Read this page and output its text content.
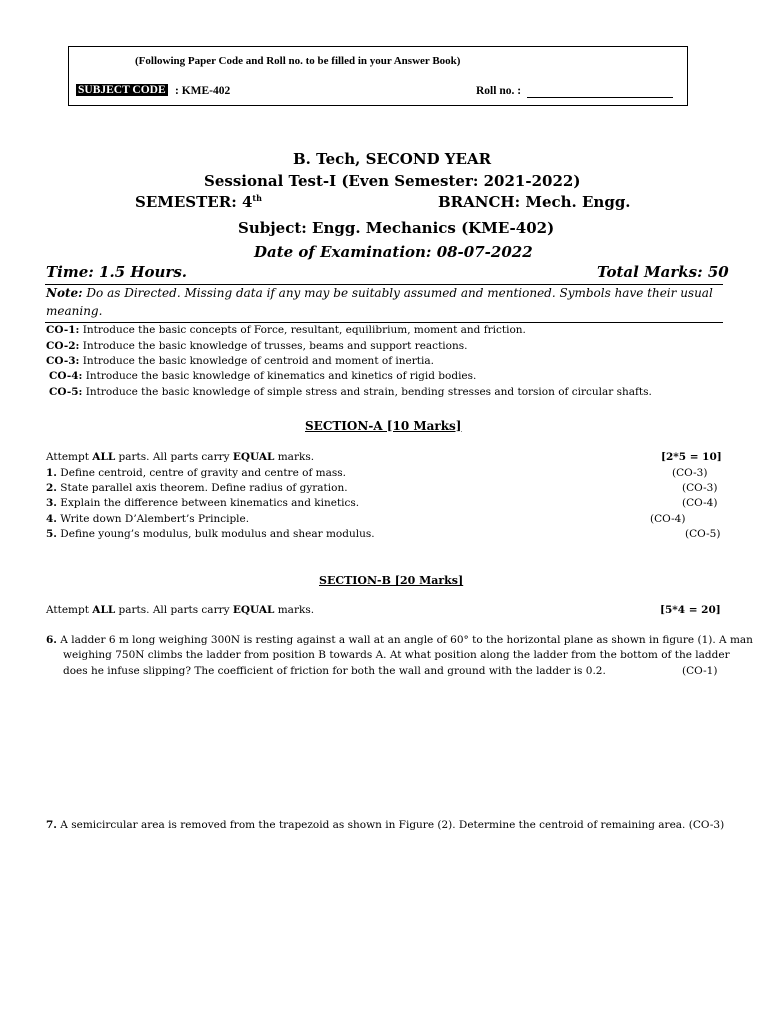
(Following Paper Code and Roll no. to be filled in your Answer Book)
SUBJECT CODE : KME-402	Roll no. :
B. Tech, SECOND YEAR
Sessional Test-I (Even Semester: 2021-2022)
SEMESTER: 4th	BRANCH: Mech. Engg.
Subject: Engg. Mechanics (KME-402)
Date of Examination: 08-07-2022
Time: 1.5 Hours.	Total Marks: 50
Note: Do as Directed. Missing data if any may be suitably assumed and mentioned. Symbols have their usual
meaning.
CO-1: Introduce the basic concepts of Force, resultant, equilibrium, moment and friction.
CO-2: Introduce the basic knowledge of trusses, beams and support reactions.
CO-3: Introduce the basic knowledge of centroid and moment of inertia.
CO-4: Introduce the basic knowledge of kinematics and kinetics of rigid bodies.
CO-5: Introduce the basic knowledge of simple stress and strain, bending stresses and torsion of circular shafts.
SECTION-A [10 Marks]
Attempt ALL parts. All parts carry EQUAL marks.	[2*5 = 10]
1. Define centroid, centre of gravity and centre of mass.	(CO-3)
2. State parallel axis theorem. Define radius of gyration.	(CO-3)
3. Explain the difference between kinematics and kinetics.	(CO-4)
4. Write down D’Alembert’s Principle.	(CO-4)
5. Define young’s modulus, bulk modulus and shear modulus.	(CO-5)
SECTION-B [20 Marks]
Attempt ALL parts. All parts carry EQUAL marks.	[5*4 = 20]
6. A ladder 6 m long weighing 300N is resting against a wall at an angle of 60° to the horizontal plane as shown in figure (1). A man
weighing 750N climbs the ladder from position B towards A. At what position along the ladder from the bottom of the ladder
does he infuse slipping? The coefficient of friction for both the wall and ground with the ladder is 0.2.	(CO-1)
7. A semicircular area is removed from the trapezoid as shown in Figure (2). Determine the centroid of remaining area. (CO-3)
